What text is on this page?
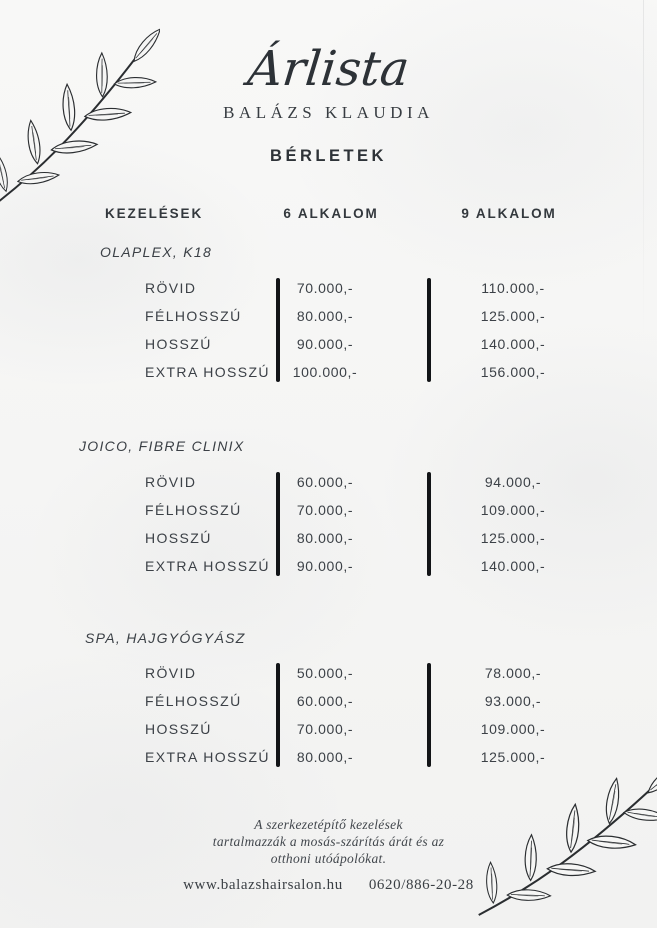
Árlista
BALÁZS KLAUDIA
BÉRLETEK
KEZELÉSEK	6 ALKALOM	9 ALKALOM
OLAPLEX, K18
RÖVID
FÉLHOSSZÚ
HOSSZÚ
EXTRA HOSSZÚ
70.000,-
80.000,-
90.000,-
100.000,-
110.000,-
125.000,-
140.000,-
156.000,-
JOICO, FIBRE CLINIX
RÖVID
FÉLHOSSZÚ
HOSSZÚ
EXTRA HOSSZÚ
60.000,-
70.000,-
80.000,-
90.000,-
94.000,-
109.000,-
125.000,-
140.000,-
SPA, HAJGYÓGYÁSZ
RÖVID
FÉLHOSSZÚ
HOSSZÚ
EXTRA HOSSZÚ
50.000,-
60.000,-
70.000,-
80.000,-
78.000,-
93.000,-
109.000,-
125.000,-
A szerkezetépítő kezelések
tartalmazzák a mosás-szárítás árát és az
otthoni utóápolókat.
www.balazshairsalon.hu 0620/886-20-28
